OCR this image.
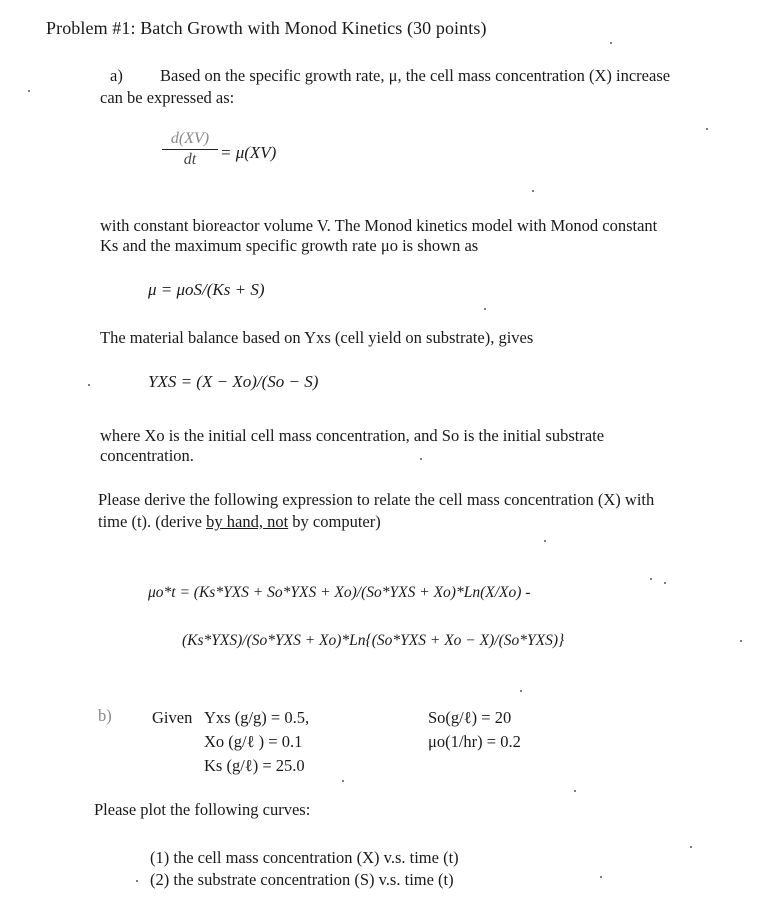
Problem #1: Batch Growth with Monod Kinetics (30 points)
a) Based on the specific growth rate, μ, the cell mass concentration (X) increase
can be expressed as:
d(XV)
dt	= μ(XV)
with constant bioreactor volume V. The Monod kinetics model with Monod constant
Ks and the maximum specific growth rate μo is shown as
μ = μoS/(Ks + S)
The material balance based on Yxs (cell yield on substrate), gives
YXS = (X − Xo)/(So − S)
where Xo is the initial cell mass concentration, and So is the initial substrate
concentration.
Please derive the following expression to relate the cell mass concentration (X) with
time (t). (derive by hand, not by computer)
μo*t = (Ks*YXS + So*YXS + Xo)/(So*YXS + Xo)*Ln(X/Xo) -
(Ks*YXS)/(So*YXS + Xo)*Ln{(So*YXS + Xo − X)/(So*YXS)}
b) Given Yxs (g/g) = 0.5,
Xo (g/ℓ ) = 0.1
Ks (g/ℓ) = 25.0
So(g/ℓ) = 20
μo(1/hr) = 0.2
Please plot the following curves:
(1) the cell mass concentration (X) v.s. time (t)
(2) the substrate concentration (S) v.s. time (t)
